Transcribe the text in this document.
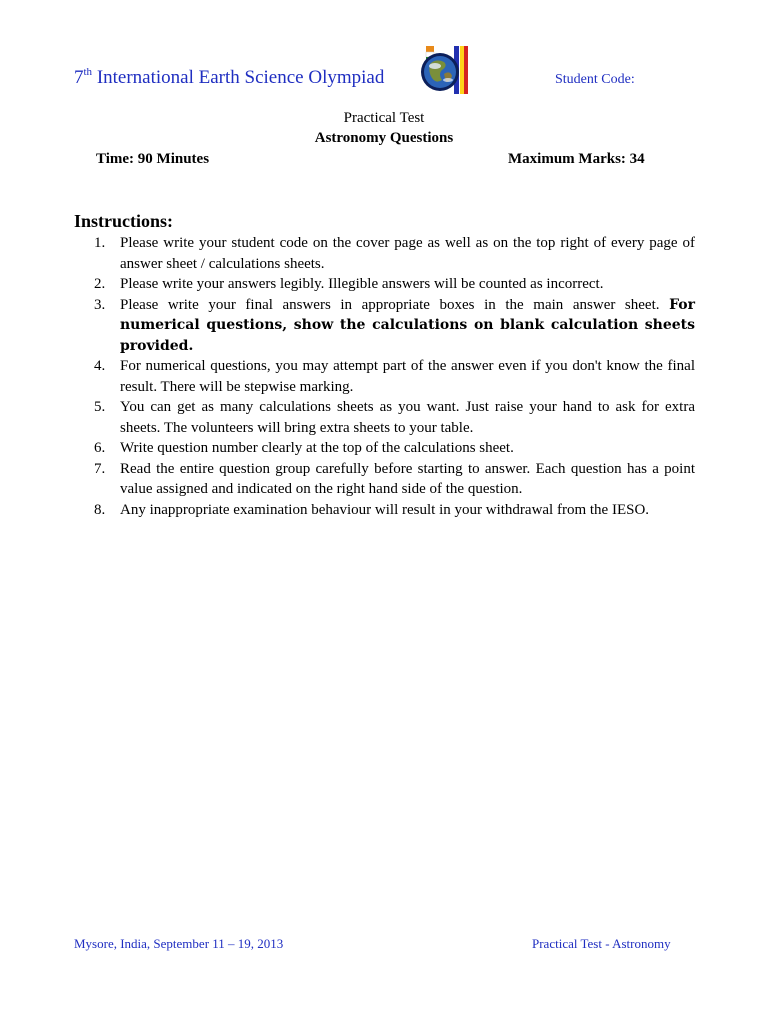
7th International Earth Science Olympiad	Student Code:
Practical Test
Astronomy Questions
Time: 90 Minutes	Maximum Marks: 34
Instructions:
1. Please write your student code on the cover page as well as on the top right of every page of answer sheet / calculations sheets.
2. Please write your answers legibly. Illegible answers will be counted as incorrect.
3. Please write your final answers in appropriate boxes in the main answer sheet. For numerical questions, show the calculations on blank calculation sheets provided.
4. For numerical questions, you may attempt part of the answer even if you don't know the final result. There will be stepwise marking.
5. You can get as many calculations sheets as you want. Just raise your hand to ask for extra sheets. The volunteers will bring extra sheets to your table.
6. Write question number clearly at the top of the calculations sheet.
7. Read the entire question group carefully before starting to answer. Each question has a point value assigned and indicated on the right hand side of the question.
8. Any inappropriate examination behaviour will result in your withdrawal from the IESO.
Mysore, India, September 11 – 19, 2013	Practical Test - Astronomy
